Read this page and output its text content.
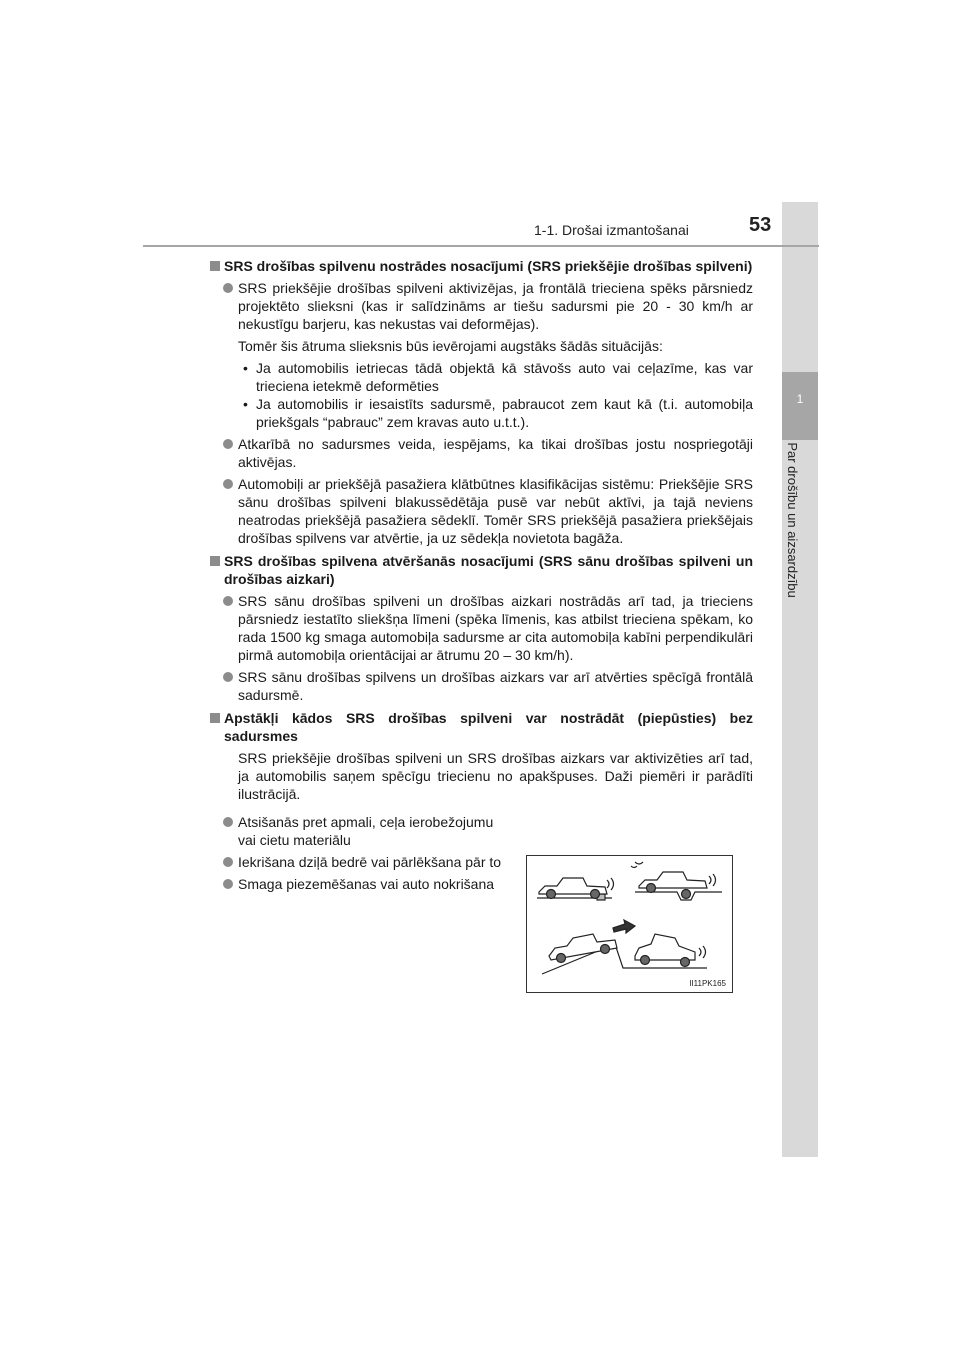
1
Par drošību un aizsardzību
1-1. Drošai izmantošanai	53
SRS drošības spilvenu nostrādes nosacījumi (SRS priekšējie drošības spilveni)
SRS priekšējie drošības spilveni aktivizējas, ja frontālā trieciena spēks pārsniedz projektēto slieksni (kas ir salīdzināms ar tiešu sadursmi pie 20 - 30 km/h ar nekustīgu barjeru, kas nekustas vai deformējas).
Tomēr šis ātruma slieksnis būs ievērojami augstāks šādās situācijās:
• Ja automobilis ietriecas tādā objektā kā stāvošs auto vai ceļazīme, kas var trieciena ietekmē deformēties
• Ja automobilis ir iesaistīts sadursmē, pabraucot zem kaut kā (t.i. automobiļa priekšgals “pabrauc” zem kravas auto u.t.t.).
Atkarībā no sadursmes veida, iespējams, ka tikai drošības jostu nospriegotāji aktivējas.
Automobiļi ar priekšējā pasažiera klātbūtnes klasifikācijas sistēmu: Priekšējie SRS sānu drošības spilveni blakussēdētāja pusē var nebūt aktīvi, ja tajā neviens neatrodas priekšējā pasažiera sēdeklī. Tomēr SRS priekšējā pasažiera priekšējais drošības spilvens var atvērtie, ja uz sēdekļa novietota bagāža.
SRS drošības spilvena atvēršanās nosacījumi (SRS sānu drošības spilveni un drošības aizkari)
SRS sānu drošības spilveni un drošības aizkari nostrādās arī tad, ja trieciens pārsniedz iestatīto sliekšņa līmeni (spēka līmenis, kas atbilst trieciena spēkam, ko rada 1500 kg smaga automobiļa sadursme ar cita automobiļa kabīni perpendikulāri pirmā automobiļa orientācijai ar ātrumu 20 – 30 km/h).
SRS sānu drošības spilvens un drošības aizkars var arī atvērties spēcīgā frontālā sadursmē.
Apstākļi kādos SRS drošības spilveni var nostrādāt (piepūsties) bez sadursmes
SRS priekšējie drošības spilveni un SRS drošības aizkars var aktivizēties arī tad, ja automobilis saņem spēcīgu triecienu no apakšpuses. Daži piemēri ir parādīti ilustrācijā.
Atsišanās pret apmali, ceļa ierobežojumu vai cietu materiālu
Iekrišana dziļā bedrē vai pārlēkšana pār to
Smaga piezemēšanas vai auto nokrišana
II11PK165
